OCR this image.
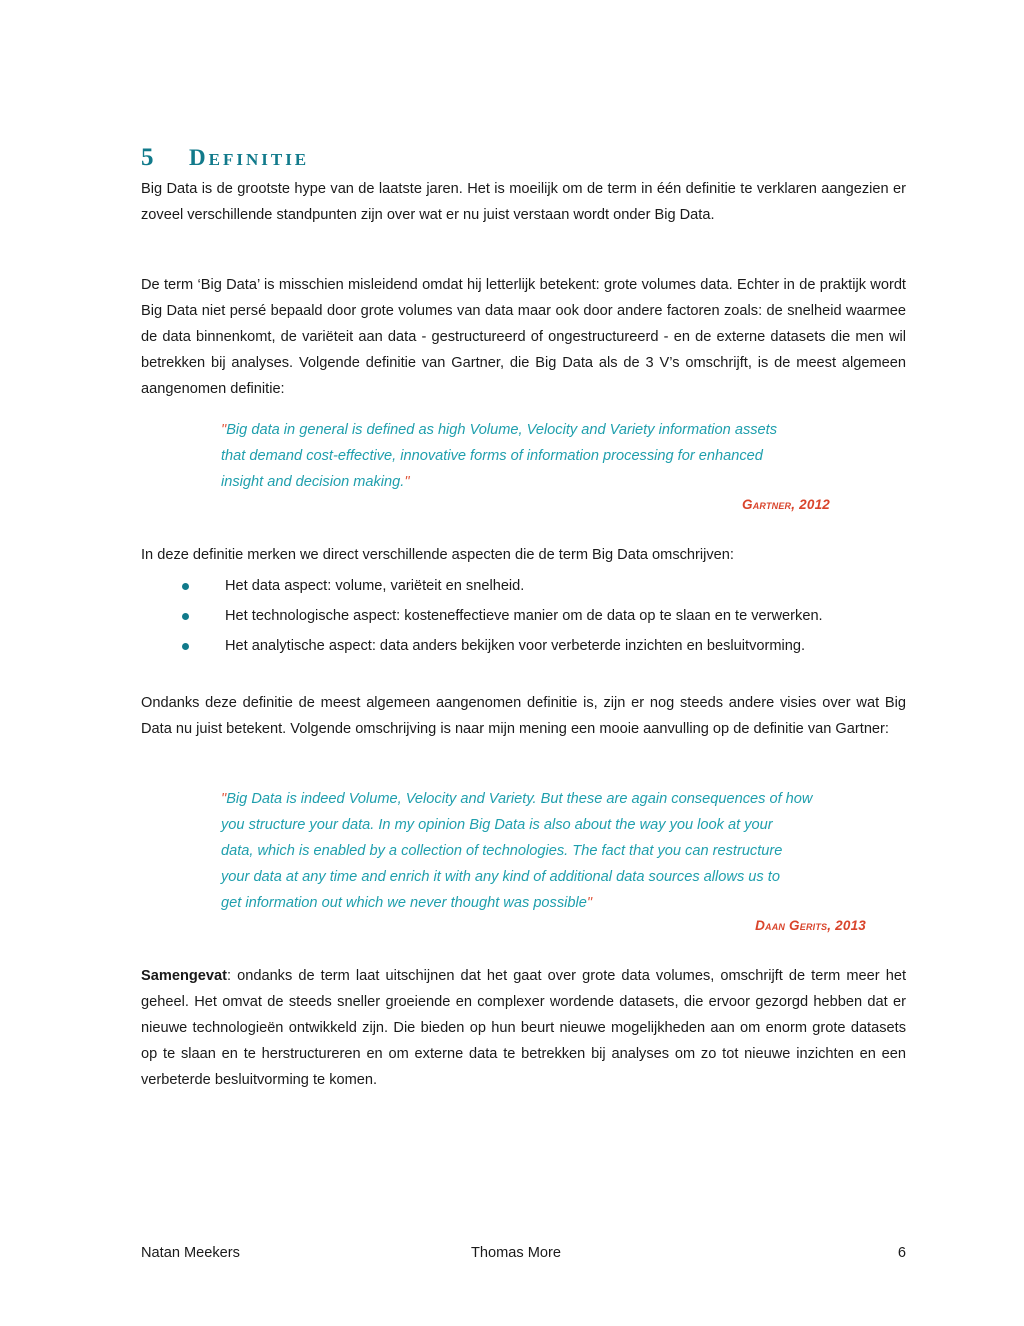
5	DEFINITIE

Big Data is de grootste hype van de laatste jaren. Het is moeilijk om de term in één definitie te verklaren aangezien er zoveel verschillende standpunten zijn over wat er nu juist verstaan wordt onder Big Data.

De term ‘Big Data’ is misschien misleidend omdat hij letterlijk betekent: grote volumes data. Echter in de praktijk wordt Big Data niet persé bepaald door grote volumes van data maar ook door andere factoren zoals: de snelheid waarmee de data binnenkomt, de variëteit aan data - gestructureerd of ongestructureerd - en de externe datasets die men wil betrekken bij analyses. Volgende definitie van Gartner, die Big Data als de 3 V’s omschrijft, is de meest algemeen aangenomen definitie:

"Big data in general is defined as high Volume, Velocity and Variety information assets
that demand cost-effective, innovative forms of information processing for enhanced
insight and decision making."
Gartner, 2012

In deze definitie merken we direct verschillende aspecten die de term Big Data omschrijven:

Het data aspect: volume, variëteit en snelheid.
Het technologische aspect: kosteneffectieve manier om de data op te slaan en te verwerken.
Het analytische aspect: data anders bekijken voor verbeterde inzichten en besluitvorming.

Ondanks deze definitie de meest algemeen aangenomen definitie is, zijn er nog steeds andere visies over wat Big Data nu juist betekent. Volgende omschrijving is naar mijn mening een mooie aanvulling op de definitie van Gartner:

"Big Data is indeed Volume, Velocity and Variety. But these are again consequences of how
you structure your data. In my opinion Big Data is also about the way you look at your
data, which is enabled by a collection of technologies. The fact that you can restructure
your data at any time and enrich it with any kind of additional data sources allows us to
get information out which we never thought was possible"
Daan Gerits, 2013

Samengevat: ondanks de term laat uitschijnen dat het gaat over grote data volumes, omschrijft de term meer het geheel. Het omvat de steeds sneller groeiende en complexer wordende datasets, die ervoor gezorgd hebben dat er nieuwe technologieën ontwikkeld zijn. Die bieden op hun beurt nieuwe mogelijkheden aan om enorm grote datasets op te slaan en te herstructureren en om externe data te betrekken bij analyses om zo tot nieuwe inzichten en een verbeterde besluitvorming te komen.

Natan Meekers	Thomas More	6
